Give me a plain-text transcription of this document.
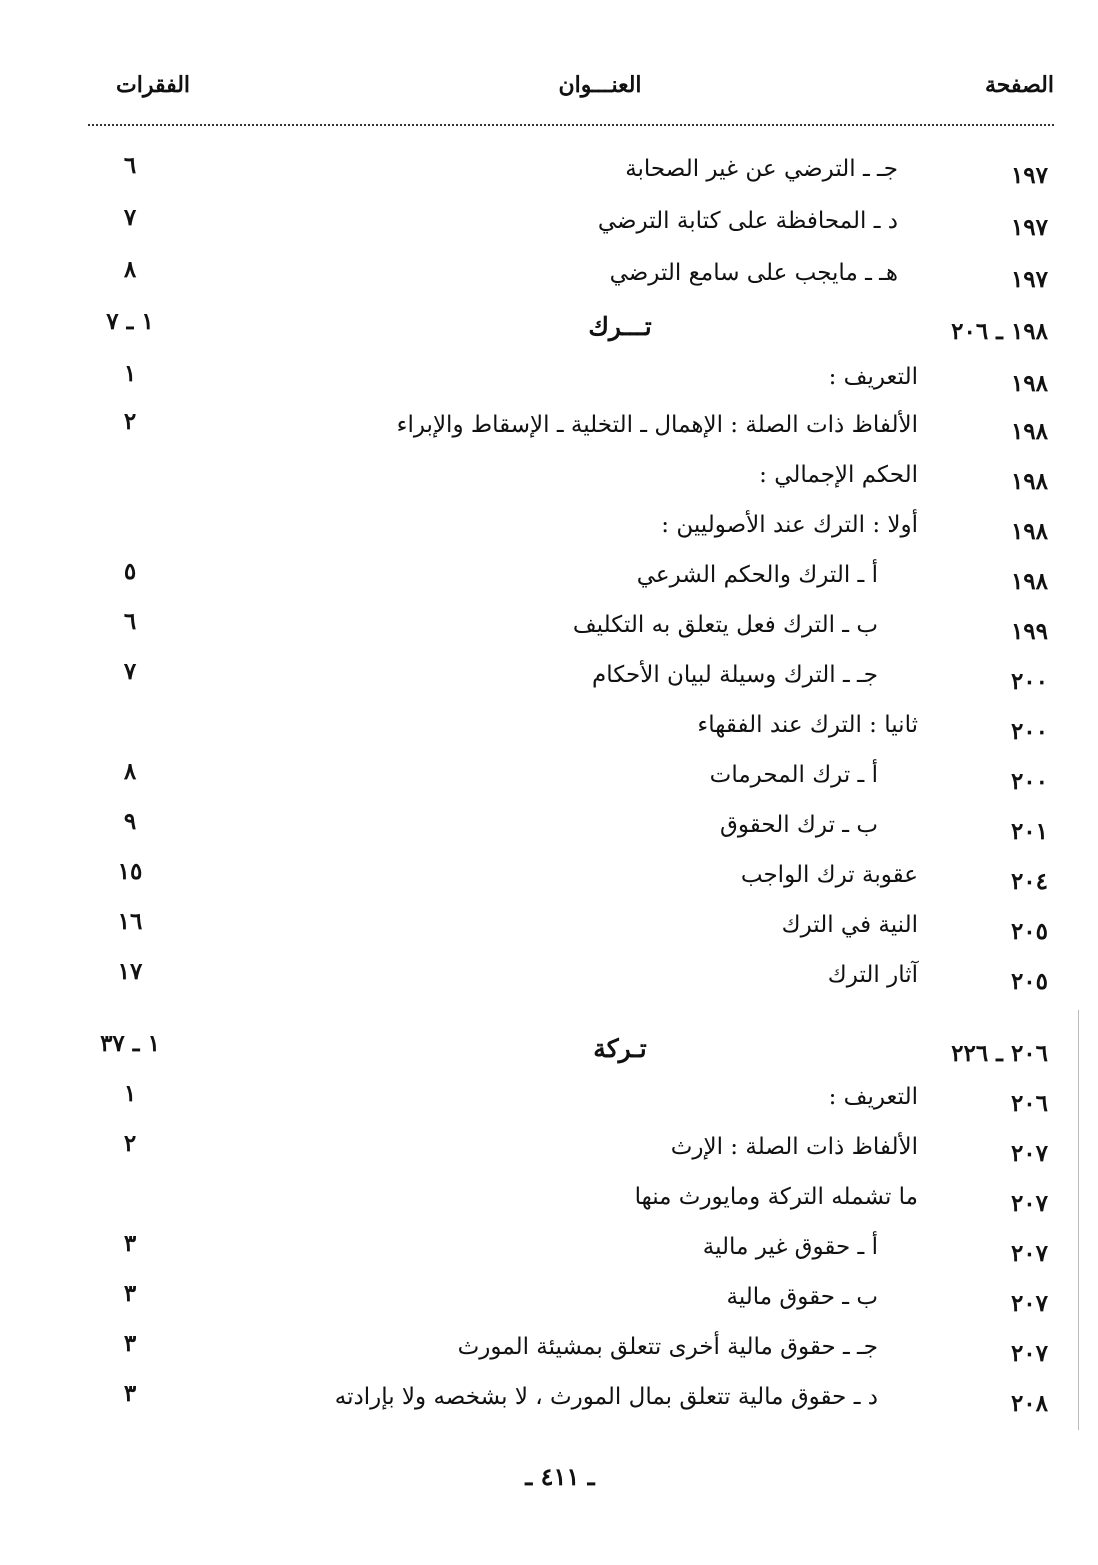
الصفحة
العنـــوان
الفقرات
١٩٧
جـ ـ الترضي عن غير الصحابة
٦
١٩٧
د ـ المحافظة على كتابة الترضي
٧
١٩٧
هـ ـ مايجب على سامع الترضي
٨
١٩٨ ـ ٢٠٦
تـــرك
١ ـ ٧
١٩٨
التعريف :
١
١٩٨
الألفاظ ذات الصلة : الإهمال ـ التخلية ـ الإسقاط والإبراء
٢
١٩٨
الحكم الإجمالي :
١٩٨
أولا : الترك عند الأصوليين :
١٩٨
أ ـ الترك والحكم الشرعي
٥
١٩٩
ب ـ الترك فعل يتعلق به التكليف
٦
٢٠٠
جـ ـ الترك وسيلة لبيان الأحكام
٧
٢٠٠
ثانيا : الترك عند الفقهاء
٢٠٠
أ ـ ترك المحرمات
٨
٢٠١
ب ـ ترك الحقوق
٩
٢٠٤
عقوبة ترك الواجب
١٥
٢٠٥
النية في الترك
١٦
٢٠٥
آثار الترك
١٧
٢٠٦ ـ ٢٢٦
تـركة
١ ـ ٣٧
٢٠٦
التعريف :
١
٢٠٧
الألفاظ ذات الصلة : الإرث
٢
٢٠٧
ما تشمله التركة ومايورث منها
٢٠٧
أ ـ حقوق غير مالية
٣
٢٠٧
ب ـ حقوق مالية
٣
٢٠٧
جـ ـ حقوق مالية أخرى تتعلق بمشيئة المورث
٣
٢٠٨
د ـ حقوق مالية تتعلق بمال المورث ، لا بشخصه ولا بإرادته
٣
ـ ٤١١ ـ
